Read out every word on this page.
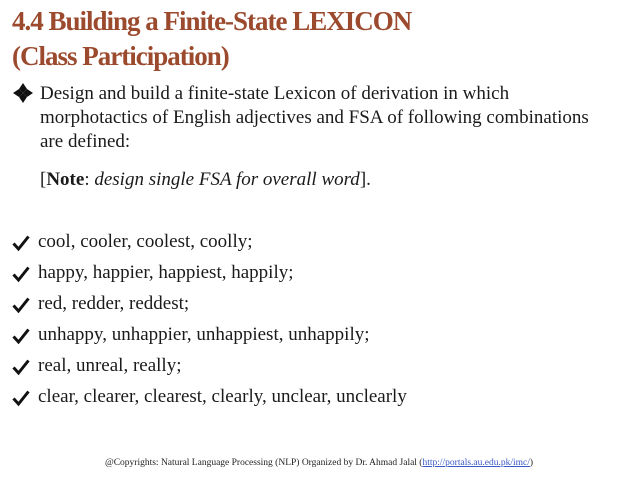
4.4 Building a Finite-State LEXICON
(Class Participation)
Design and build a finite-state Lexicon of derivation in which morphotactics of English adjectives and FSA of following combinations are defined:
[Note: design single FSA for overall word].
cool, cooler, coolest, coolly;
happy, happier, happiest, happily;
red, redder, reddest;
unhappy, unhappier, unhappiest, unhappily;
real, unreal, really;
clear, clearer, clearest, clearly, unclear, unclearly
@Copyrights: Natural Language Processing (NLP) Organized by Dr. Ahmad Jalal (http://portals.au.edu.pk/imc/)
